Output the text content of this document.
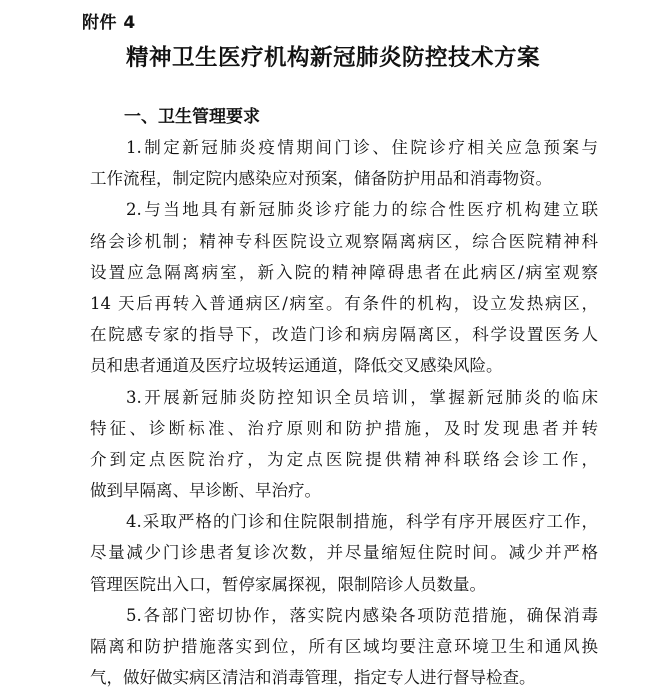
附件 4
精神卫生医疗机构新冠肺炎防控技术方案
一、卫生管理要求

1.制定新冠肺炎疫情期间门诊、住院诊疗相关应急预案与
工作流程，制定院内感染应对预案，储备防护用品和消毒物资。

2.与当地具有新冠肺炎诊疗能力的综合性医疗机构建立联
络会诊机制；精神专科医院设立观察隔离病区，综合医院精神科
设置应急隔离病室，新入院的精神障碍患者在此病区/病室观察
14 天后再转入普通病区/病室。有条件的机构，设立发热病区，
在院感专家的指导下，改造门诊和病房隔离区，科学设置医务人
员和患者通道及医疗垃圾转运通道，降低交叉感染风险。

3.开展新冠肺炎防控知识全员培训，掌握新冠肺炎的临床
特征、诊断标准、治疗原则和防护措施，及时发现患者并转
介到定点医院治疗，为定点医院提供精神科联络会诊工作，
做到早隔离、早诊断、早治疗。

4.采取严格的门诊和住院限制措施，科学有序开展医疗工作，
尽量减少门诊患者复诊次数，并尽量缩短住院时间。减少并严格
管理医院出入口，暂停家属探视，限制陪诊人员数量。

5.各部门密切协作，落实院内感染各项防范措施，确保消毒
隔离和防护措施落实到位，所有区域均要注意环境卫生和通风换
气，做好做实病区清洁和消毒管理，指定专人进行督导检查。
